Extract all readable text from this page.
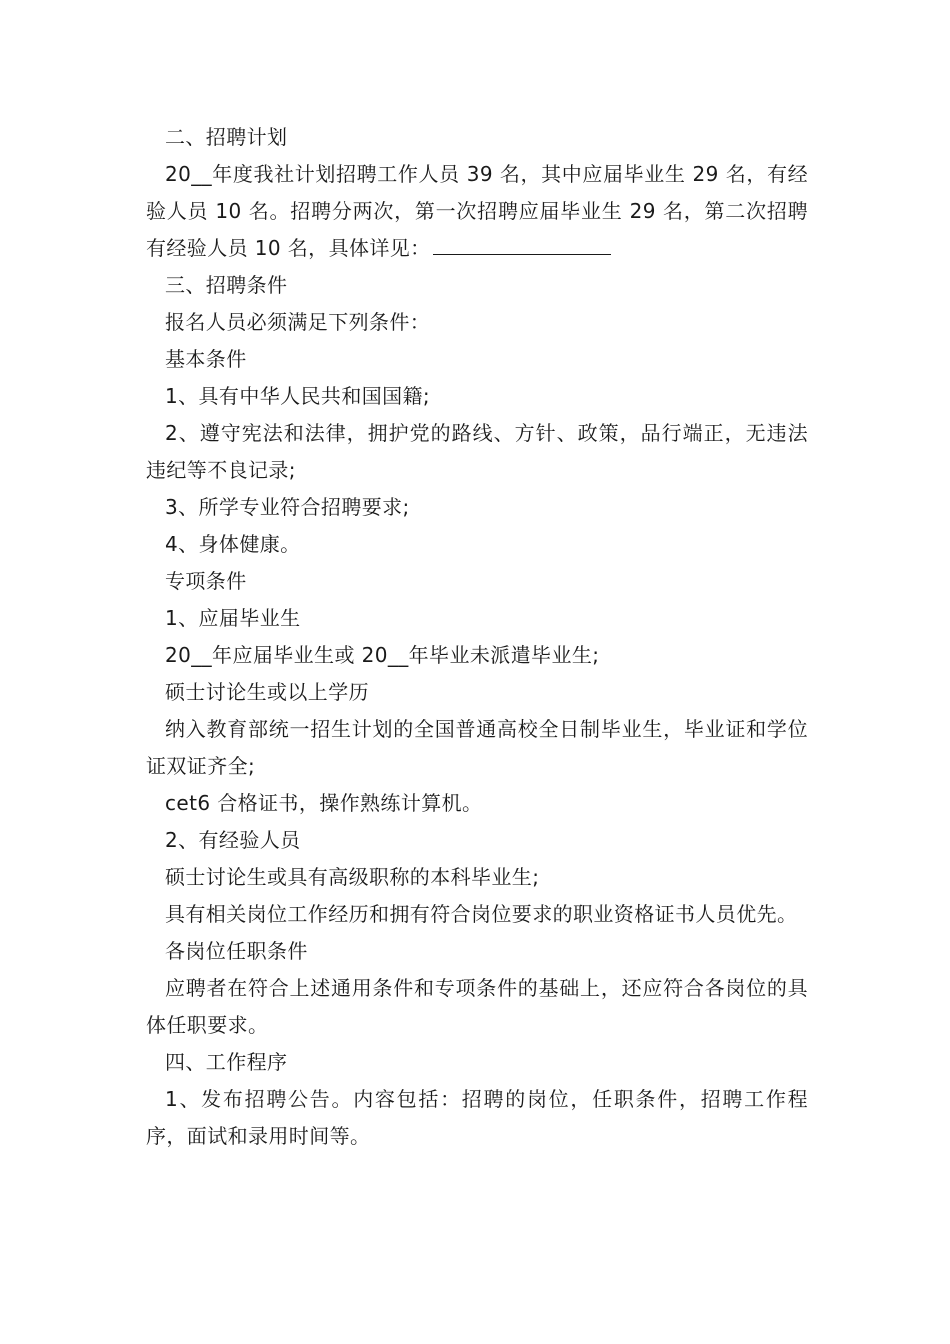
二、招聘计划

20__年度我社计划招聘工作人员 39 名，其中应届毕业生 29 名，有经验人员 10 名。招聘分两次，第一次招聘应届毕业生 29 名，第二次招聘有经验人员 10 名，具体详见：

三、招聘条件

报名人员必须满足下列条件：

基本条件

1、具有中华人民共和国国籍;

2、遵守宪法和法律，拥护党的路线、方针、政策，品行端正，无违法违纪等不良记录;

3、所学专业符合招聘要求;

4、身体健康。

专项条件

1、应届毕业生

20__年应届毕业生或 20__年毕业未派遣毕业生;

硕士讨论生或以上学历

纳入教育部统一招生计划的全国普通高校全日制毕业生，毕业证和学位证双证齐全;

cet6 合格证书，操作熟练计算机。

2、有经验人员

硕士讨论生或具有高级职称的本科毕业生;

具有相关岗位工作经历和拥有符合岗位要求的职业资格证书人员优先。

各岗位任职条件

应聘者在符合上述通用条件和专项条件的基础上，还应符合各岗位的具体任职要求。

四、工作程序

1、发布招聘公告。内容包括：招聘的岗位，任职条件，招聘工作程序，面试和录用时间等。
